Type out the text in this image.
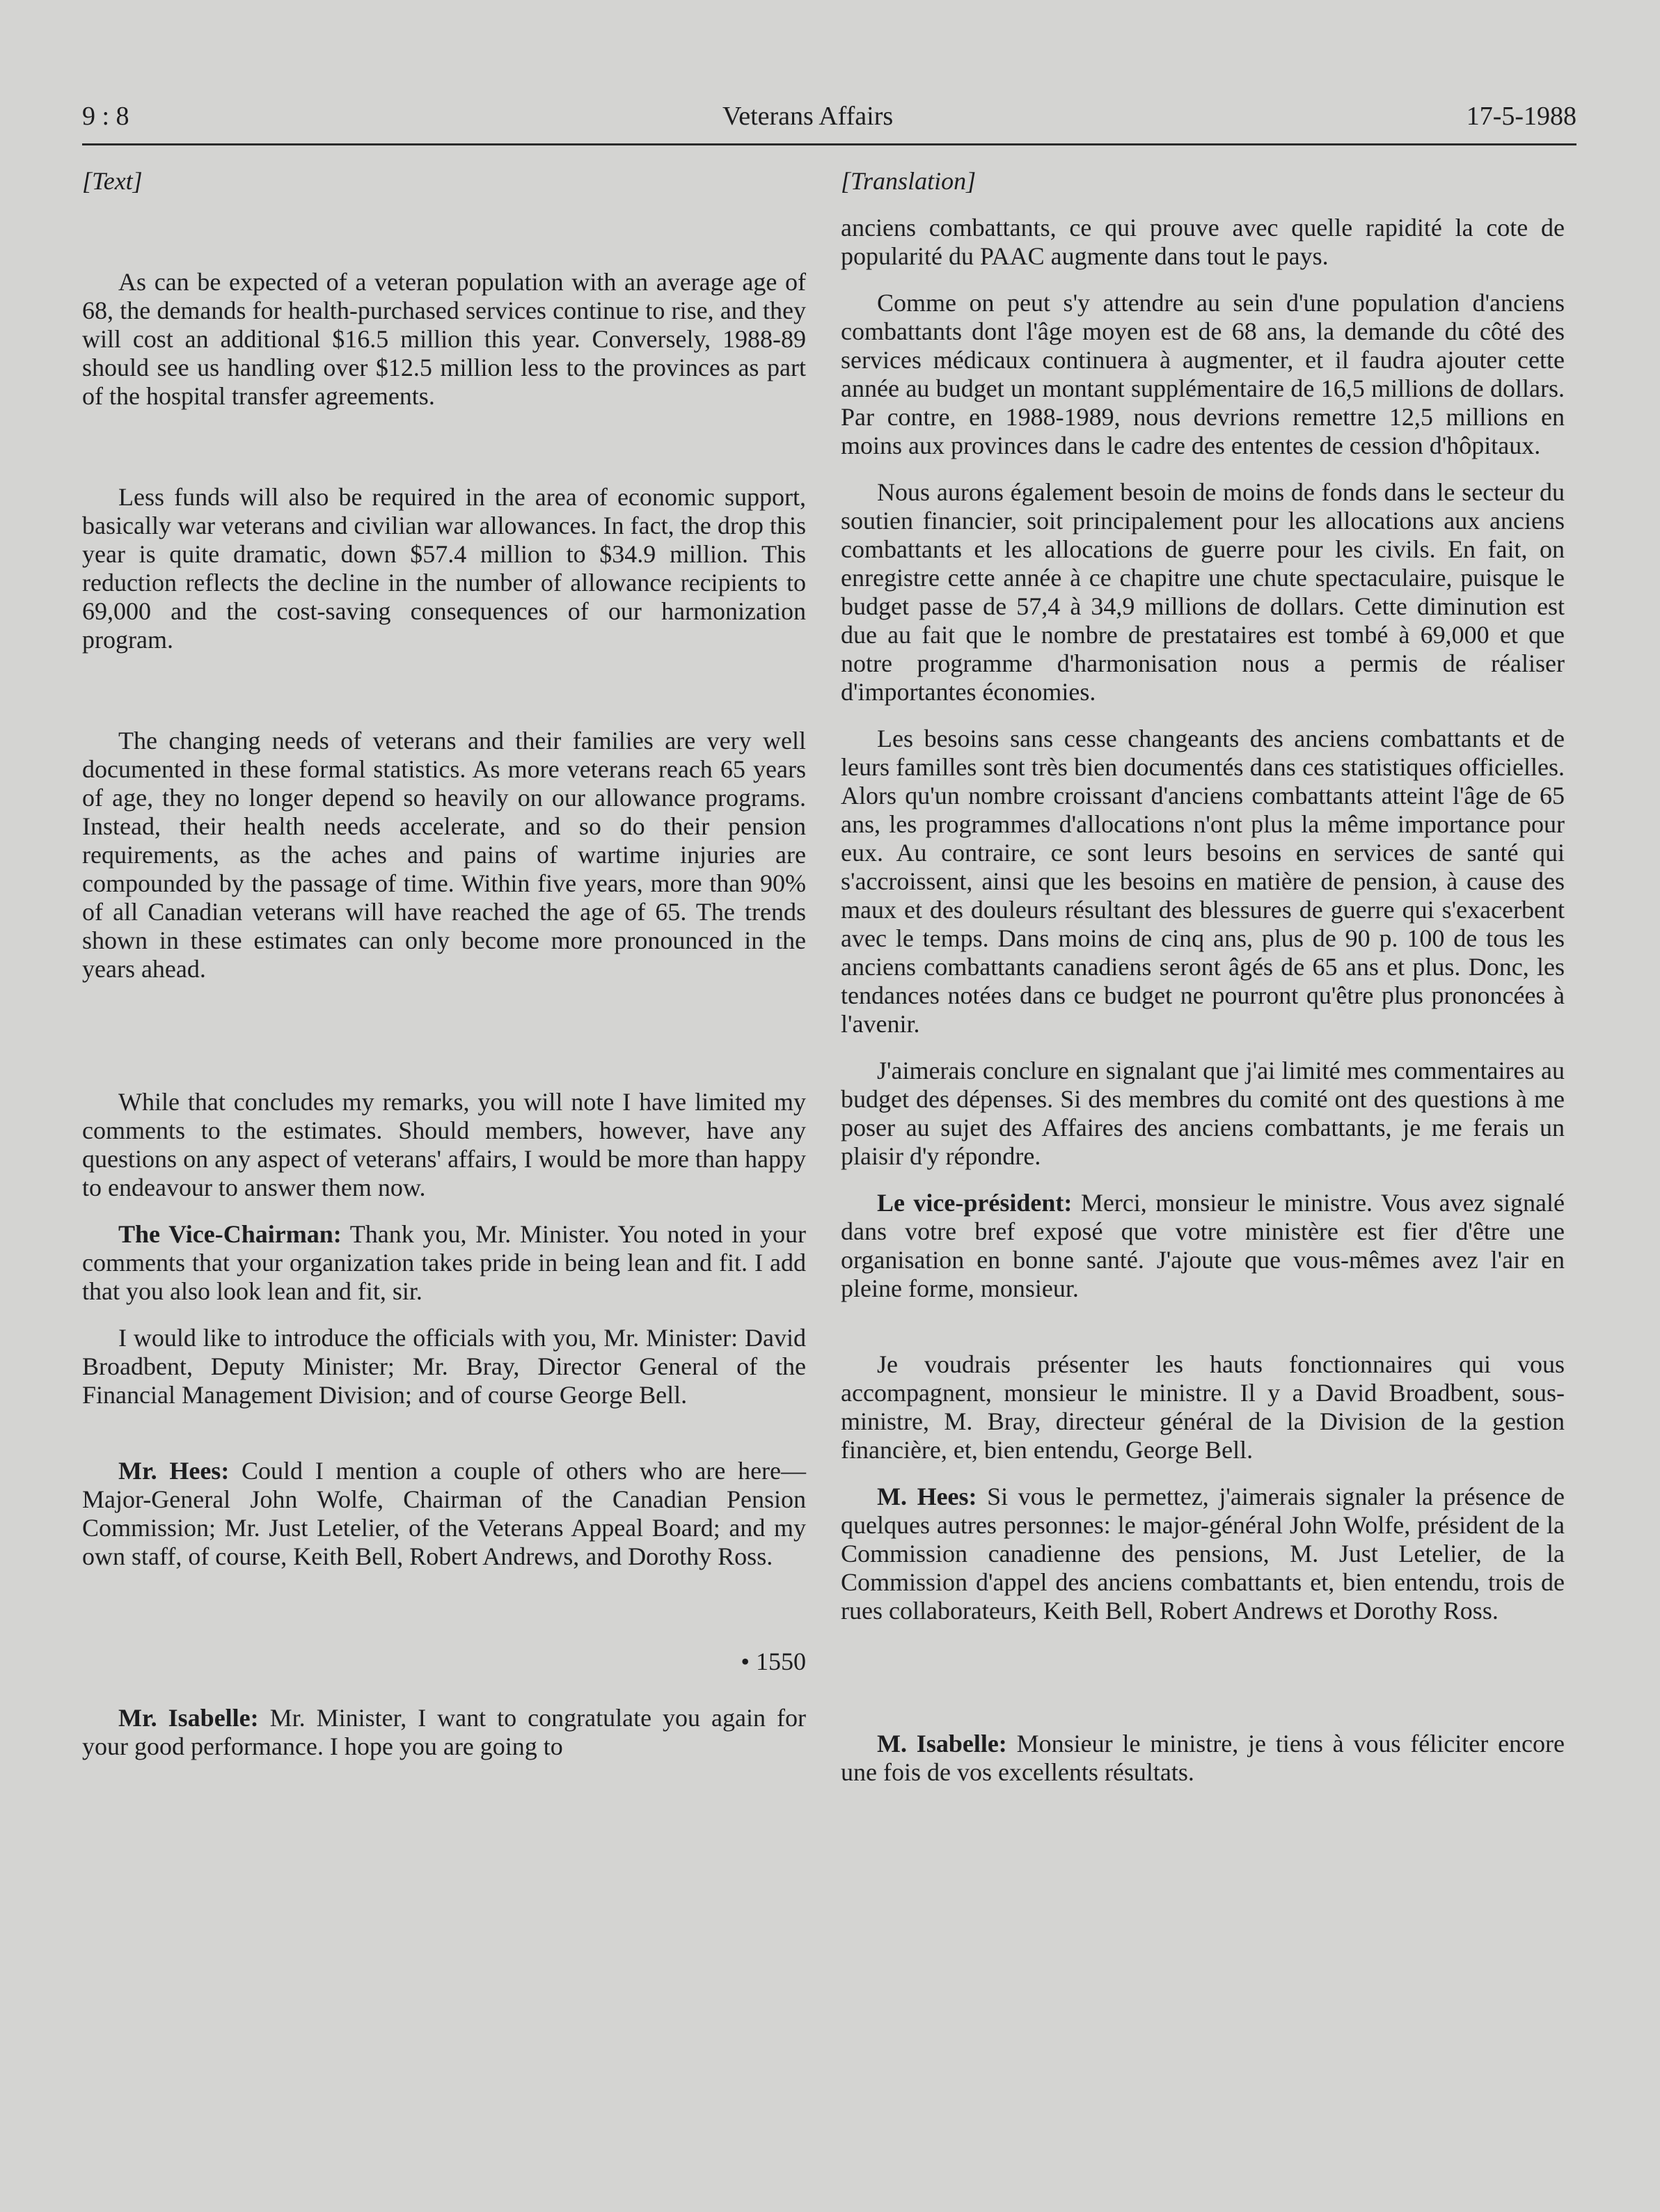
9 : 8	Veterans Affairs	17-5-1988

[Text]

As can be expected of a veteran population with an average age of 68, the demands for health-purchased services continue to rise, and they will cost an additional $16.5 million this year. Conversely, 1988-89 should see us handling over $12.5 million less to the provinces as part of the hospital transfer agreements.

Less funds will also be required in the area of economic support, basically war veterans and civilian war allowances. In fact, the drop this year is quite dramatic, down $57.4 million to $34.9 million. This reduction reflects the decline in the number of allowance recipients to 69,000 and the cost-saving consequences of our harmonization program.

The changing needs of veterans and their families are very well documented in these formal statistics. As more veterans reach 65 years of age, they no longer depend so heavily on our allowance programs. Instead, their health needs accelerate, and so do their pension requirements, as the aches and pains of wartime injuries are compounded by the passage of time. Within five years, more than 90% of all Canadian veterans will have reached the age of 65. The trends shown in these estimates can only become more pronounced in the years ahead.

While that concludes my remarks, you will note I have limited my comments to the estimates. Should members, however, have any questions on any aspect of veterans' affairs, I would be more than happy to endeavour to answer them now.

The Vice-Chairman: Thank you, Mr. Minister. You noted in your comments that your organization takes pride in being lean and fit. I add that you also look lean and fit, sir.

I would like to introduce the officials with you, Mr. Minister: David Broadbent, Deputy Minister; Mr. Bray, Director General of the Financial Management Division; and of course George Bell.

Mr. Hees: Could I mention a couple of others who are here—Major-General John Wolfe, Chairman of the Canadian Pension Commission; Mr. Just Letelier, of the Veterans Appeal Board; and my own staff, of course, Keith Bell, Robert Andrews, and Dorothy Ross.

• 1550

Mr. Isabelle: Mr. Minister, I want to congratulate you again for your good performance. I hope you are going to

[Translation]

anciens combattants, ce qui prouve avec quelle rapidité la cote de popularité du PAAC augmente dans tout le pays.

Comme on peut s'y attendre au sein d'une population d'anciens combattants dont l'âge moyen est de 68 ans, la demande du côté des services médicaux continuera à augmenter, et il faudra ajouter cette année au budget un montant supplémentaire de 16,5 millions de dollars. Par contre, en 1988-1989, nous devrions remettre 12,5 millions en moins aux provinces dans le cadre des ententes de cession d'hôpitaux.

Nous aurons également besoin de moins de fonds dans le secteur du soutien financier, soit principalement pour les allocations aux anciens combattants et les allocations de guerre pour les civils. En fait, on enregistre cette année à ce chapitre une chute spectaculaire, puisque le budget passe de 57,4 à 34,9 millions de dollars. Cette diminution est due au fait que le nombre de prestataires est tombé à 69,000 et que notre programme d'harmonisation nous a permis de réaliser d'importantes économies.

Les besoins sans cesse changeants des anciens combattants et de leurs familles sont très bien documentés dans ces statistiques officielles. Alors qu'un nombre croissant d'anciens combattants atteint l'âge de 65 ans, les programmes d'allocations n'ont plus la même importance pour eux. Au contraire, ce sont leurs besoins en services de santé qui s'accroissent, ainsi que les besoins en matière de pension, à cause des maux et des douleurs résultant des blessures de guerre qui s'exacerbent avec le temps. Dans moins de cinq ans, plus de 90 p. 100 de tous les anciens combattants canadiens seront âgés de 65 ans et plus. Donc, les tendances notées dans ce budget ne pourront qu'être plus prononcées à l'avenir.

J'aimerais conclure en signalant que j'ai limité mes commentaires au budget des dépenses. Si des membres du comité ont des questions à me poser au sujet des Affaires des anciens combattants, je me ferais un plaisir d'y répondre.

Le vice-président: Merci, monsieur le ministre. Vous avez signalé dans votre bref exposé que votre ministère est fier d'être une organisation en bonne santé. J'ajoute que vous-mêmes avez l'air en pleine forme, monsieur.

Je voudrais présenter les hauts fonctionnaires qui vous accompagnent, monsieur le ministre. Il y a David Broadbent, sous-ministre, M. Bray, directeur général de la Division de la gestion financière, et, bien entendu, George Bell.

M. Hees: Si vous le permettez, j'aimerais signaler la présence de quelques autres personnes: le major-général John Wolfe, président de la Commission canadienne des pensions, M. Just Letelier, de la Commission d'appel des anciens combattants et, bien entendu, trois de rues collaborateurs, Keith Bell, Robert Andrews et Dorothy Ross.

M. Isabelle: Monsieur le ministre, je tiens à vous féliciter encore une fois de vos excellents résultats.
